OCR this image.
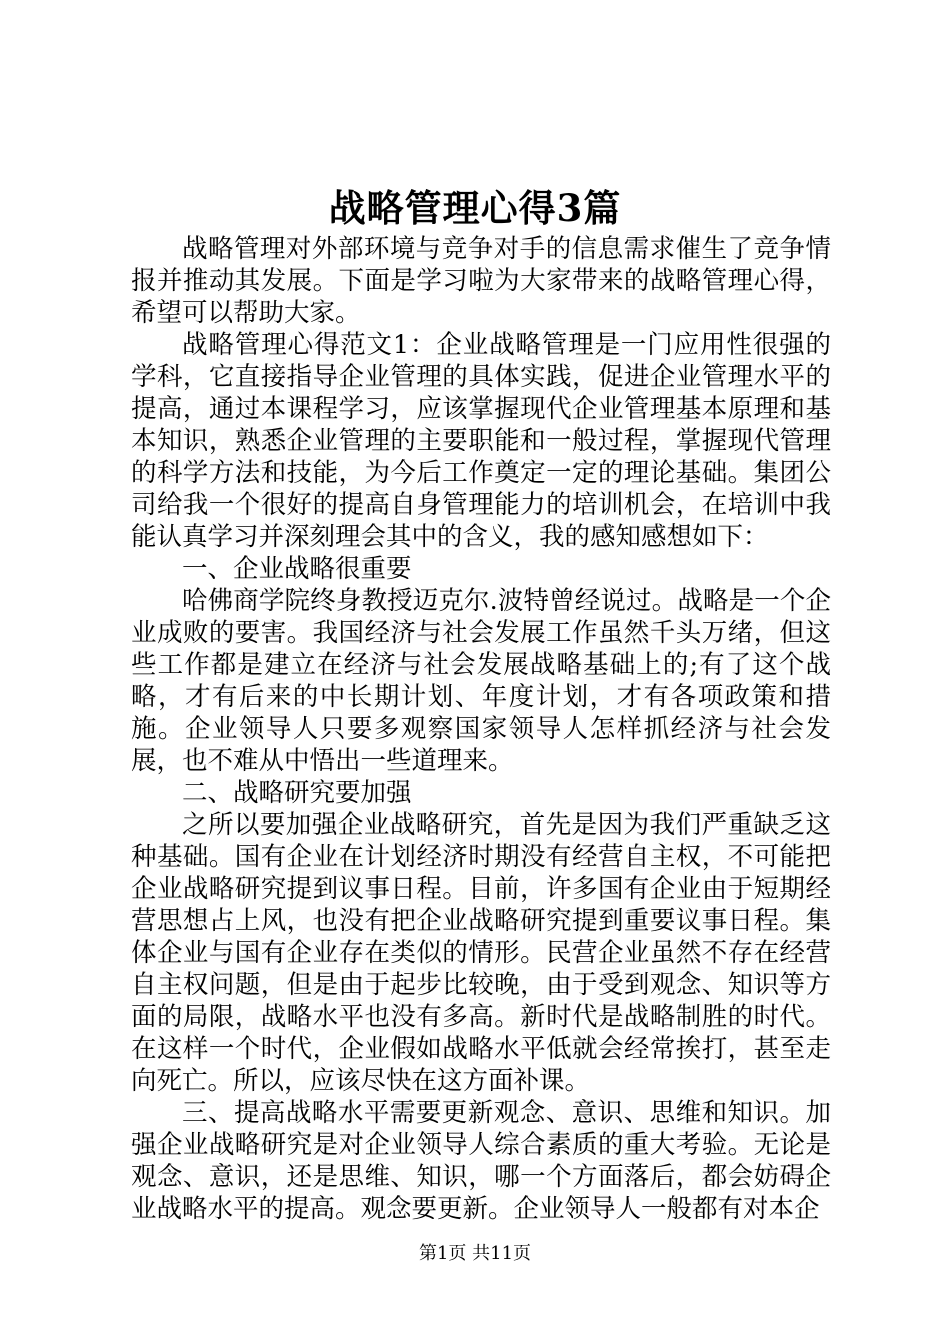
战略管理心得3篇

战略管理对外部环境与竞争对手的信息需求催生了竞争情报并推动其发展。下面是学习啦为大家带来的战略管理心得，希望可以帮助大家。

战略管理心得范文1：企业战略管理是一门应用性很强的学科，它直接指导企业管理的具体实践，促进企业管理水平的提高，通过本课程学习，应该掌握现代企业管理基本原理和基本知识，熟悉企业管理的主要职能和一般过程，掌握现代管理的科学方法和技能，为今后工作奠定一定的理论基础。集团公司给我一个很好的提高自身管理能力的培训机会，在培训中我能认真学习并深刻理会其中的含义，我的感知感想如下：

一、企业战略很重要

哈佛商学院终身教授迈克尔.波特曾经说过。战略是一个企业成败的要害。我国经济与社会发展工作虽然千头万绪，但这些工作都是建立在经济与社会发展战略基础上的;有了这个战略，才有后来的中长期计划、年度计划，才有各项政策和措施。企业领导人只要多观察国家领导人怎样抓经济与社会发展，也不难从中悟出一些道理来。

二、战略研究要加强

之所以要加强企业战略研究，首先是因为我们严重缺乏这种基础。国有企业在计划经济时期没有经营自主权，不可能把企业战略研究提到议事日程。目前，许多国有企业由于短期经营思想占上风，也没有把企业战略研究提到重要议事日程。集体企业与国有企业存在类似的情形。民营企业虽然不存在经营自主权问题，但是由于起步比较晚，由于受到观念、知识等方面的局限，战略水平也没有多高。新时代是战略制胜的时代。在这样一个时代，企业假如战略水平低就会经常挨打，甚至走向死亡。所以，应该尽快在这方面补课。

三、提高战略水平需要更新观念、意识、思维和知识。加强企业战略研究是对企业领导人综合素质的重大考验。无论是观念、意识，还是思维、知识，哪一个方面落后，都会妨碍企业战略水平的提高。观念要更新。企业领导人一般都有对本企

第1页 共11页
